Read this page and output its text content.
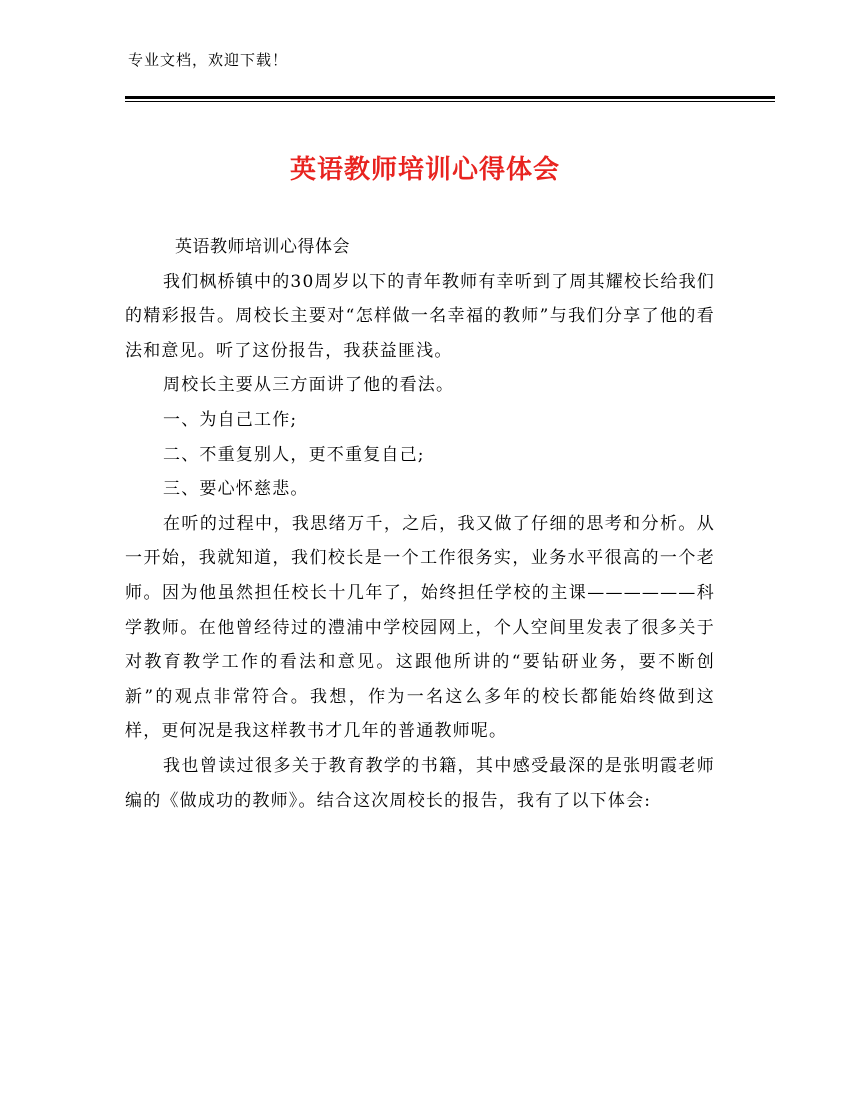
专业文档，欢迎下载！
英语教师培训心得体会

英语教师培训心得体会

我们枫桥镇中的30周岁以下的青年教师有幸听到了周其耀校长给我们的精彩报告。周校长主要对“怎样做一名幸福的教师”与我们分享了他的看法和意见。听了这份报告，我获益匪浅。

周校长主要从三方面讲了他的看法。

一、为自己工作;

二、不重复别人，更不重复自己;

三、要心怀慈悲。

在听的过程中，我思绪万千，之后，我又做了仔细的思考和分析。从一开始，我就知道，我们校长是一个工作很务实，业务水平很高的一个老师。因为他虽然担任校长十几年了，始终担任学校的主课——————科学教师。在他曾经待过的澧浦中学校园网上，个人空间里发表了很多关于对教育教学工作的看法和意见。这跟他所讲的“要钻研业务，要不断创新”的观点非常符合。我想，作为一名这么多年的校长都能始终做到这样，更何况是我这样教书才几年的普通教师呢。

我也曾读过很多关于教育教学的书籍，其中感受最深的是张明霞老师编的《做成功的教师》。结合这次周校长的报告，我有了以下体会:
